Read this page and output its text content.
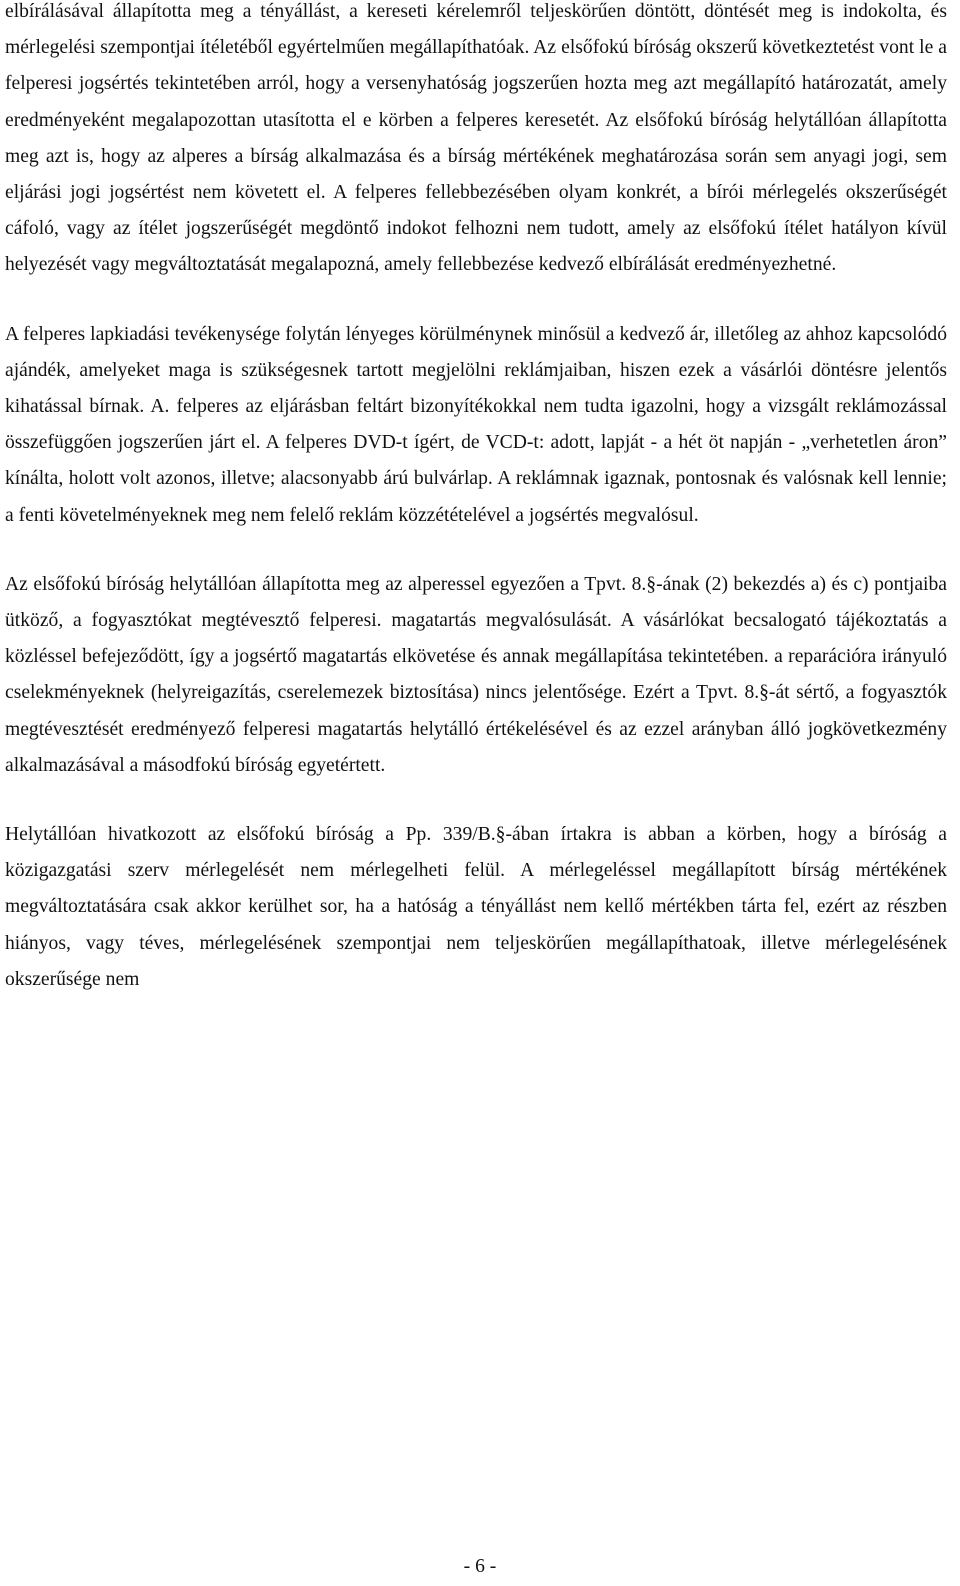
elbírálásával állapította meg a tényállást, a kereseti kérelemről teljeskörűen döntött, döntését meg is indokolta, és mérlegelési szempontjai ítéletéből egyértelműen megállapíthatóak. Az elsőfokú bíróság okszerű következtetést vont le a felperesi jogsértés tekintetében arról, hogy a versenyhatóság jogszerűen hozta meg azt megállapító határozatát, amely eredményeként megalapozottan utasította el e körben a felperes keresetét. Az elsőfokú bíróság helytállóan állapította meg azt is, hogy az alperes a bírság alkalmazása és a bírság mértékének meghatározása során sem anyagi jogi, sem eljárási jogi jogsértést nem követett el. A felperes fellebbezésében olyam konkrét, a bírói mérlegelés okszerűségét cáfoló, vagy az ítélet jogszerűségét megdöntő indokot felhozni nem tudott, amely az elsőfokú ítélet hatályon kívül helyezését vagy megváltoztatását megalapozná, amely fellebbezése kedvező elbírálását eredményezhetné.

A felperes lapkiadási tevékenysége folytán lényeges körülménynek minősül a kedvező ár, illetőleg az ahhoz kapcsolódó ajándék, amelyeket maga is szükségesnek tartott megjelölni reklámjaiban, hiszen ezek a vásárlói döntésre jelentős kihatással bírnak. A. felperes az eljárásban feltárt bizonyítékokkal nem tudta igazolni, hogy a vizsgált reklámozással összefüggően jogszerűen járt el. A felperes DVD-t ígért, de VCD-t: adott, lapját - a hét öt napján - „verhetetlen áron” kínálta, holott volt azonos, illetve; alacsonyabb árú bulvárlap. A reklámnak igaznak, pontosnak és valósnak kell lennie; a fenti követelményeknek meg nem felelő reklám közzétételével a jogsértés megvalósul.

Az elsőfokú bíróság helytállóan állapította meg az alperessel egyezően a Tpvt. 8.§-ának (2) bekezdés a) és c) pontjaiba ütköző, a fogyasztókat megtévesztő felperesi. magatartás megvalósulását. A vásárlókat becsalogató tájékoztatás a közléssel befejeződött, így a jogsértő magatartás elkövetése és annak megállapítása tekintetében. a reparációra irányuló cselekményeknek (helyreigazítás, cserelemezek biztosítása) nincs jelentősége. Ezért a Tpvt. 8.§-át sértő, a fogyasztók megtévesztését eredményező felperesi magatartás helytálló értékelésével és az ezzel arányban álló jogkövetkezmény alkalmazásával a másodfokú bíróság egyetértett.

Helytállóan hivatkozott az elsőfokú bíróság a Pp. 339/B.§-ában írtakra is abban a körben, hogy a bíróság a közigazgatási szerv mérlegelését nem mérlegelheti felül. A mérlegeléssel megállapított bírság mértékének megváltoztatására csak akkor kerülhet sor, ha a hatóság a tényállást nem kellő mértékben tárta fel, ezért az részben hiányos, vagy téves, mérlegelésének szempontjai nem teljeskörűen megállapíthatoak, illetve mérlegelésének okszerűsége nem

- 6 -
